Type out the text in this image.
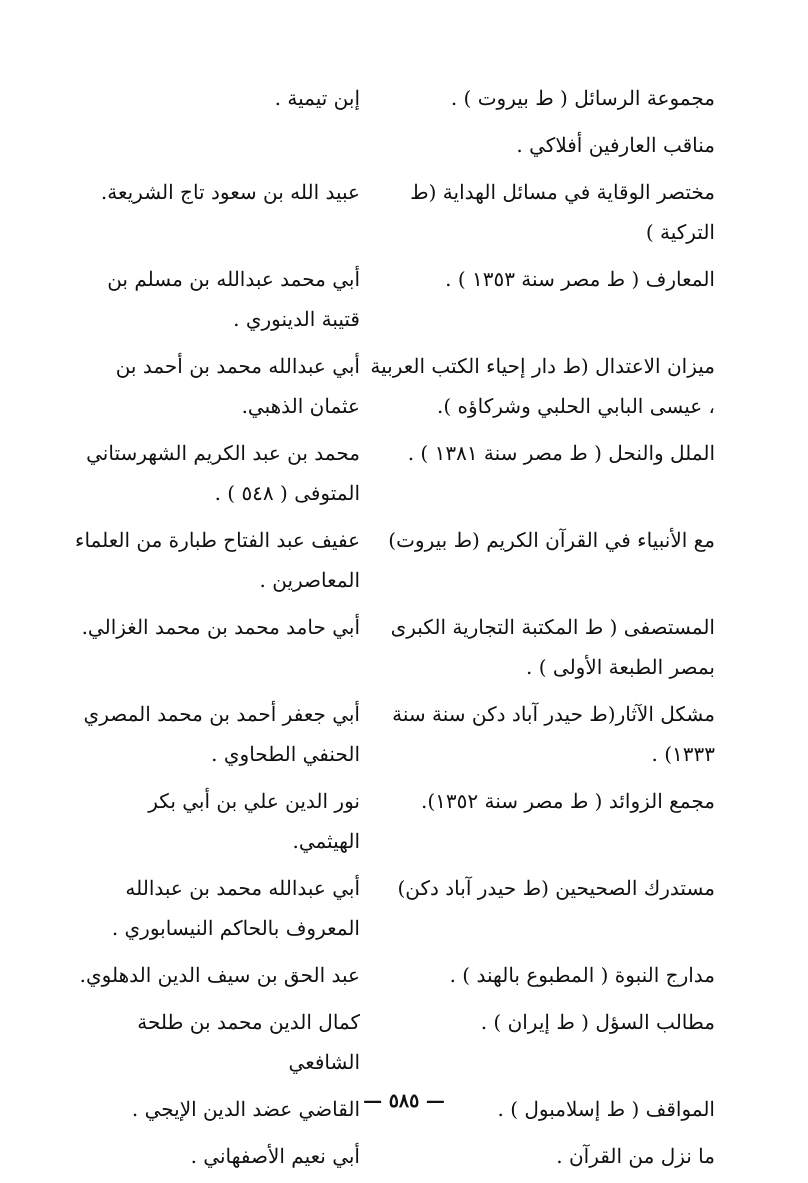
مجموعة الرسائل ( ط بيروت ) .
إبن تيمية .
مناقب العارفين أفلاكي .
مختصر الوقاية في مسائل الهداية (ط التركية )
عبيد الله بن سعود تاج الشريعة.
المعارف ( ط مصر سنة ١٣٥٣ ) .
أبي محمد عبدالله بن مسلم بن قتيبة الدينوري .
ميزان الاعتدال (ط دار إحياء الكتب العربية ، عيسى البابي الحلبي وشركاؤه ).
أبي عبدالله محمد بن أحمد بن عثمان الذهبي.
الملل والنحل ( ط مصر سنة ١٣٨١ ) .
محمد بن عبد الكريم الشهرستاني المتوفى ( ٥٤٨ ) .
مع الأنبياء في القرآن الكريم (ط بيروت)
عفيف عبد الفتاح طبارة من العلماء المعاصرين .
المستصفى ( ط المكتبة التجارية الكبرى بمصر الطبعة الأولى ) .
أبي حامد محمد بن محمد الغزالي.
مشكل الآثار(ط حيدر آباد دكن سنة سنة ١٣٣٣) .
أبي جعفر أحمد بن محمد المصري الحنفي الطحاوي .
مجمع الزوائد ( ط مصر سنة ١٣٥٢).
نور الدين علي بن أبي بكر الهيثمي.
مستدرك الصحيحين (ط حيدر آباد دكن)
أبي عبدالله محمد بن عبدالله المعروف بالحاكم النيسابوري .
مدارج النبوة ( المطبوع بالهند ) .
عبد الحق بن سيف الدين الدهلوي.
مطالب السؤل ( ط إيران ) .
كمال الدين محمد بن طلحة الشافعي
المواقف ( ط إسلامبول ) .
القاضي عضد الدين الإيجي .
ما نزل من القرآن .
أبي نعيم الأصفهاني .
— ٥٨٥ —
